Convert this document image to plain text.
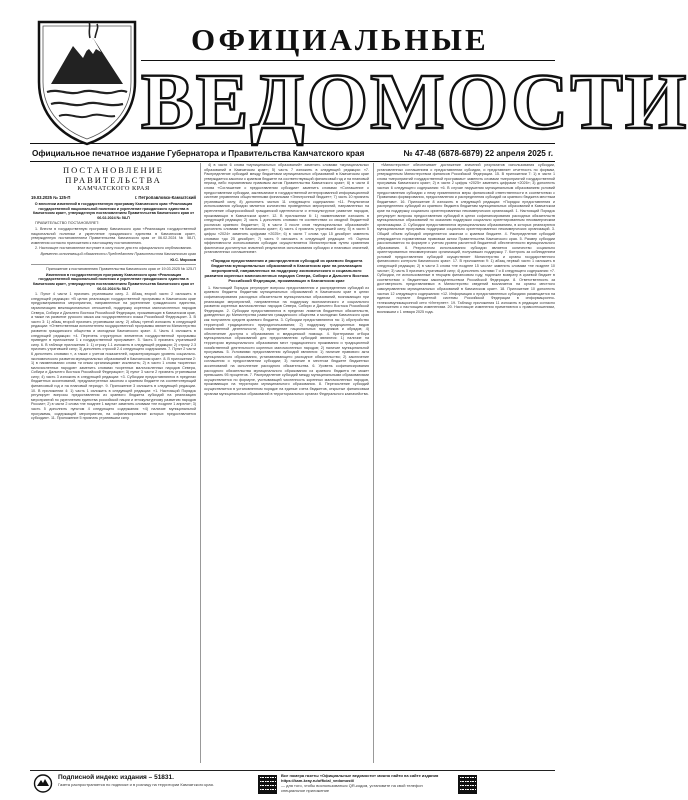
ОФИЦИАЛЬНЫЕ
ВЕДОМОСТИ
Официальное печатное издание Губернатора и Правительства Камчатского края	№ 47-48 (6878-6879) 22 апреля 2025 г.
ПОСТАНОВЛЕНИЕ
ПРАВИТЕЛЬСТВА
КАМЧАТСКОГО КРАЯ
19.03.2025 № 125-П	г. Петропавловск-Камчатский

О внесении изменений в государственную программу Камчатского края «Реализация государственной национальной политики и укрепление гражданского единства в Камчатском крае», утвержденную постановлением Правительства Камчатского края от 06.02.2024 № 58-П

ПРАВИТЕЛЬСТВО ПОСТАНОВЛЯЕТ:

1. Внести в государственную программу Камчатского края «Реализация государственной национальной политики и укрепление гражданского единства в Камчатском крае», утвержденную постановлением Правительства Камчатского края от 06.02.2024 № 58-П, изменения согласно приложению к настоящему постановлению.

2. Настоящее постановление вступает в силу после дня его официального опубликования.

Временно исполняющий обязанности Председателя Правительства Камчатского края

Ю.С. Морозов

Приложение к постановлению Правительства Камчатского края от 19.03.2025 № 125-П

Изменения в государственную программу Камчатского края «Реализация государственной национальной политики и укрепление гражданского единства в Камчатском крае», утвержденную постановлением Правительства Камчатского края от 06.02.2024 № 58-П

1. Пункт 4 части 1 признать утратившим силу. 2. Абзац второй части 2 изложить в следующей редакции: «В целях реализации государственной программы в Камчатском крае предусматриваются мероприятия, направленные на укрепление гражданского единства, гармонизацию межнациональных отношений, поддержку коренных малочисленных народов Севера, Сибири и Дальнего Востока Российской Федерации, проживающих в Камчатском крае, а также на развитие русского языка как государственного языка Российской Федерации». 3. В части 3: 1) абзац второй признать утратившим силу; 2) абзац третий изложить в следующей редакции: «Ответственным исполнителем государственной программы является Министерство развития гражданского общества и молодежи Камчатского края». 4. Часть 4 изложить в следующей редакции: «4. Перечень структурных элементов государственной программы приведен в приложении 1 к государственной программе». 5. Часть 5 признать утратившей силу. 6. В таблице приложения 1: 1) строку 1.1 изложить в следующей редакции; 2) строку 2.3 признать утратившей силу; 3) дополнить строкой 2.4 следующего содержания. 7. Пункт 2 части 6 дополнить словами «, а также с учетом показателей, характеризующих уровень социально-экономического развития муниципальных образований в Камчатском крае». 8. В приложении 2: 1) в наименовании слова «и иным организациям» исключить; 2) в части 1 слова «коренных малочисленных народов» заменить словами «коренных малочисленных народов Севера, Сибири и Дальнего Востока Российской Федерации»; 3) пункт 3 части 2 признать утратившим силу; 4) часть 3 изложить в следующей редакции: «3. Субсидии предоставляются в пределах бюджетных ассигнований, предусмотренных законом о краевом бюджете на соответствующий финансовый год и на плановый период». 9. Приложение 3 изложить в следующей редакции. 10. В приложении 4: 1) часть 1 изложить в следующей редакции: «1. Настоящий Порядок регулирует вопросы предоставления из краевого бюджета субсидий на реализацию мероприятий по укреплению единства российской нации и этнокультурному развитию народов России»; 2) в части 2 слова «не позднее 1 марта» заменить словами «не позднее 1 апреля»; 3) часть 5 дополнить пунктом 4 следующего содержания: «4) наличие муниципальной программы, содержащей мероприятия, на софинансирование которых предоставляется субсидия». 11. Приложение 5 признать утратившим силу.

4) в части 6 слова «муниципальных образований» заменить словами «муниципальных образований в Камчатском крае»; 5) часть 7 изложить в следующей редакции: «7. Распределение субсидий между бюджетами муниципальных образований в Камчатском крае утверждается законом о краевом бюджете на соответствующий финансовый год и на плановый период либо нормативным правовым актом Правительства Камчатского края»; 6) в части 8 слова «Соглашение о предоставлении субсидии» заменить словами «Соглашение о предоставлении субсидии, заключаемое в государственной интегрированной информационной системе управления общественными финансами «Электронный бюджет»; 7) часть 10 признать утратившей силу; 8) дополнить частью 11 следующего содержания: «11. Результатом использования субсидии является количество проведенных мероприятий, направленных на укрепление общероссийской гражданской идентичности и этнокультурное развитие народов, проживающих в Камчатском крае». 12. В приложении 6: 1) наименование изложить в следующей редакции; 2) часть 1 дополнить словами «в соответствии со сводной бюджетной росписью краевого бюджета»; 3) в части 3 после слов «муниципальных образований» дополнить словами «в Камчатском крае»; 4) часть 4 признать утратившей силу; 5) в части 5 цифры «2024» заменить цифрами «2025»; 6) в части 7 слова «до 15 декабря» заменить словами «до 25 декабря»; 7) часть 9 изложить в следующей редакции: «9. Оценка эффективности использования субсидии осуществляется Министерством путем сравнения фактически достигнутых значений результатов использования субсидии и плановых значений, установленных соглашением».

«Порядок предоставления и распределения субсидий из краевого бюджета бюджетам муниципальных образований в Камчатском крае на реализацию мероприятий, направленных на поддержку экономического и социального развития коренных малочисленных народов Севера, Сибири и Дальнего Востока Российской Федерации, проживающих в Камчатском крае

1. Настоящий Порядок регулирует вопросы предоставления и распределения субсидий из краевого бюджета бюджетам муниципальных образований в Камчатском крае в целях софинансирования расходных обязательств муниципальных образований, возникающих при реализации мероприятий, направленных на поддержку экономического и социального развития коренных малочисленных народов Севера, Сибири и Дальнего Востока Российской Федерации. 2. Субсидии предоставляются в пределах лимитов бюджетных обязательств, доведенных до Министерства развития гражданского общества и молодежи Камчатского края как получателя средств краевого бюджета. 3. Субсидии предоставляются на: 1) обустройство территорий традиционного природопользования; 2) поддержку традиционных видов хозяйственной деятельности; 3) проведение национальных праздников и обрядов; 4) обеспечение доступа к образованию и медицинской помощи. 4. Критериями отбора муниципальных образований для предоставления субсидий являются: 1) наличие на территории муниципального образования мест традиционного проживания и традиционной хозяйственной деятельности коренных малочисленных народов; 2) наличие муниципальной программы. 5. Условиями предоставления субсидий являются: 1) наличие правового акта муниципального образования, устанавливающего расходное обязательство; 2) заключение соглашения о предоставлении субсидии; 3) наличие в местном бюджете бюджетных ассигнований на исполнение расходного обязательства. 6. Уровень софинансирования расходного обязательства муниципального образования из краевого бюджета не может превышать 95 процентов. 7. Распределение субсидий между муниципальными образованиями осуществляется по формуле, учитывающей численность коренных малочисленных народов, проживающих на территории муниципального образования. 8. Перечисление субсидий осуществляется в установленном порядке на единые счета бюджетов, открытые финансовым органам муниципальных образований в территориальных органах Федерального казначейства.

«Министерство» обеспечивает достижение значений результатов использования субсидии, установленных соглашением о предоставлении субсидии, и представляет отчетность по формам, утвержденным Министерством финансов Российской Федерации. 15. В приложении 7: 1) в части 1 слова «мероприятий государственной программы» заменить словами «мероприятий государственной программы Камчатского края»; 2) в части 2 цифры «2025» заменить цифрами «2026»; 3) дополнить частью 6 следующего содержания: «6. В случае нарушения муниципальным образованием условий предоставления субсидии к нему применяются меры финансовой ответственности в соответствии с Правилами формирования, предоставления и распределения субсидий из краевого бюджета местным бюджетам». 16. Приложение 8 изложить в следующей редакции: «Порядок предоставления и распределения субсидий из краевого бюджета бюджетам муниципальных образований в Камчатском крае на поддержку социально ориентированных некоммерческих организаций. 1. Настоящий Порядок регулирует вопросы предоставления субсидий в целях софинансирования расходных обязательств муниципальных образований по оказанию поддержки социально ориентированным некоммерческим организациям. 2. Субсидии предоставляются муниципальным образованиям, в которых реализуются муниципальные программы поддержки социально ориентированных некоммерческих организаций. 3. Общий объем субсидий определяется законом о краевом бюджете. 4. Распределение субсидий утверждается нормативным правовым актом Правительства Камчатского края. 5. Размер субсидии рассчитывается по формуле с учетом уровня расчетной бюджетной обеспеченности муниципального образования. 6. Результатом использования субсидии является количество социально ориентированных некоммерческих организаций, получивших поддержку. 7. Контроль за соблюдением условий предоставления субсидий осуществляет Министерство и органы государственного финансового контроля Камчатского края». 17. В приложении 9: 1) абзац первый части 1 изложить в следующей редакции; 2) в части 3 слова «не позднее 15 числа» заменить словами «не позднее 10 числа»; 3) часть 5 признать утратившей силу; 4) дополнить частями 7 и 8 следующего содержания: «7. Субсидии, не использованные в текущем финансовом году, подлежат возврату в краевой бюджет в соответствии с бюджетным законодательством Российской Федерации. 8. Ответственность за достоверность представляемых в Министерство сведений возлагается на органы местного самоуправления муниципальных образований в Камчатском крае». 18. Приложение 10 дополнить частью 12 следующего содержания: «12. Информация о предоставленных субсидиях размещается на едином портале бюджетной системы Российской Федерации в информационно-телекоммуникационной сети «Интернет». 19. Таблицу приложения 11 изложить в редакции согласно приложению к настоящим изменениям. 20. Настоящие изменения применяются к правоотношениям, возникшим с 1 января 2025 года.

Подписной индекс издания – 51831.
Газета распространяется по подписке и в розницу на территории Камчатского края.
Все номера газеты «Официальные ведомости» можно найти на сайте издания https://kam-kray.ru/official_vedomosti/
— для того, чтобы воспользоваться QR-кодом, установите на свой телефон специальное приложение
